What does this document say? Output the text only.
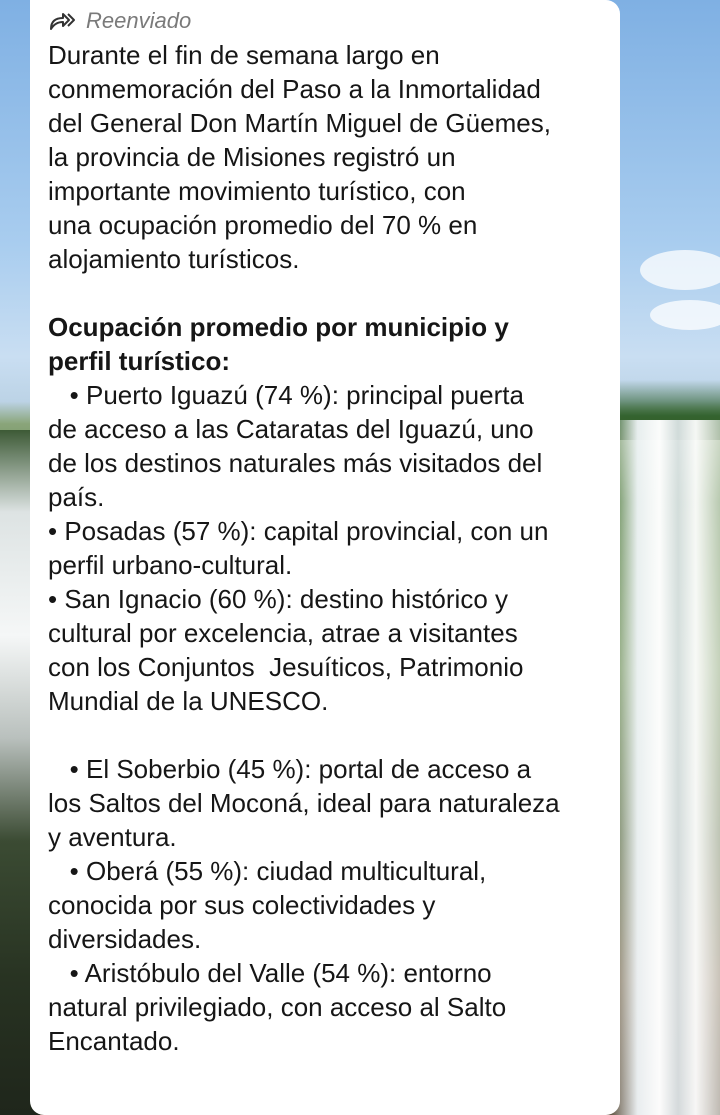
Reenviado
Durante el fin de semana largo en
conmemoración del Paso a la Inmortalidad
del General Don Martín Miguel de Güemes,
la provincia de Misiones registró un
importante movimiento turístico, con
una ocupación promedio del 70 % en
alojamiento turísticos.
Ocupación promedio por municipio y
perfil turístico:
• Puerto Iguazú (74 %): principal puerta
de acceso a las Cataratas del Iguazú, uno
de los destinos naturales más visitados del
país.
• Posadas (57 %): capital provincial, con un
perfil urbano-cultural.
• San Ignacio (60 %): destino histórico y
cultural por excelencia, atrae a visitantes
con los Conjuntos  Jesuíticos, Patrimonio
Mundial de la UNESCO.
• El Soberbio (45 %): portal de acceso a
los Saltos del Moconá, ideal para naturaleza
y aventura.
• Oberá (55 %): ciudad multicultural,
conocida por sus colectividades y
diversidades.
• Aristóbulo del Valle (54 %): entorno
natural privilegiado, con acceso al Salto
Encantado.
